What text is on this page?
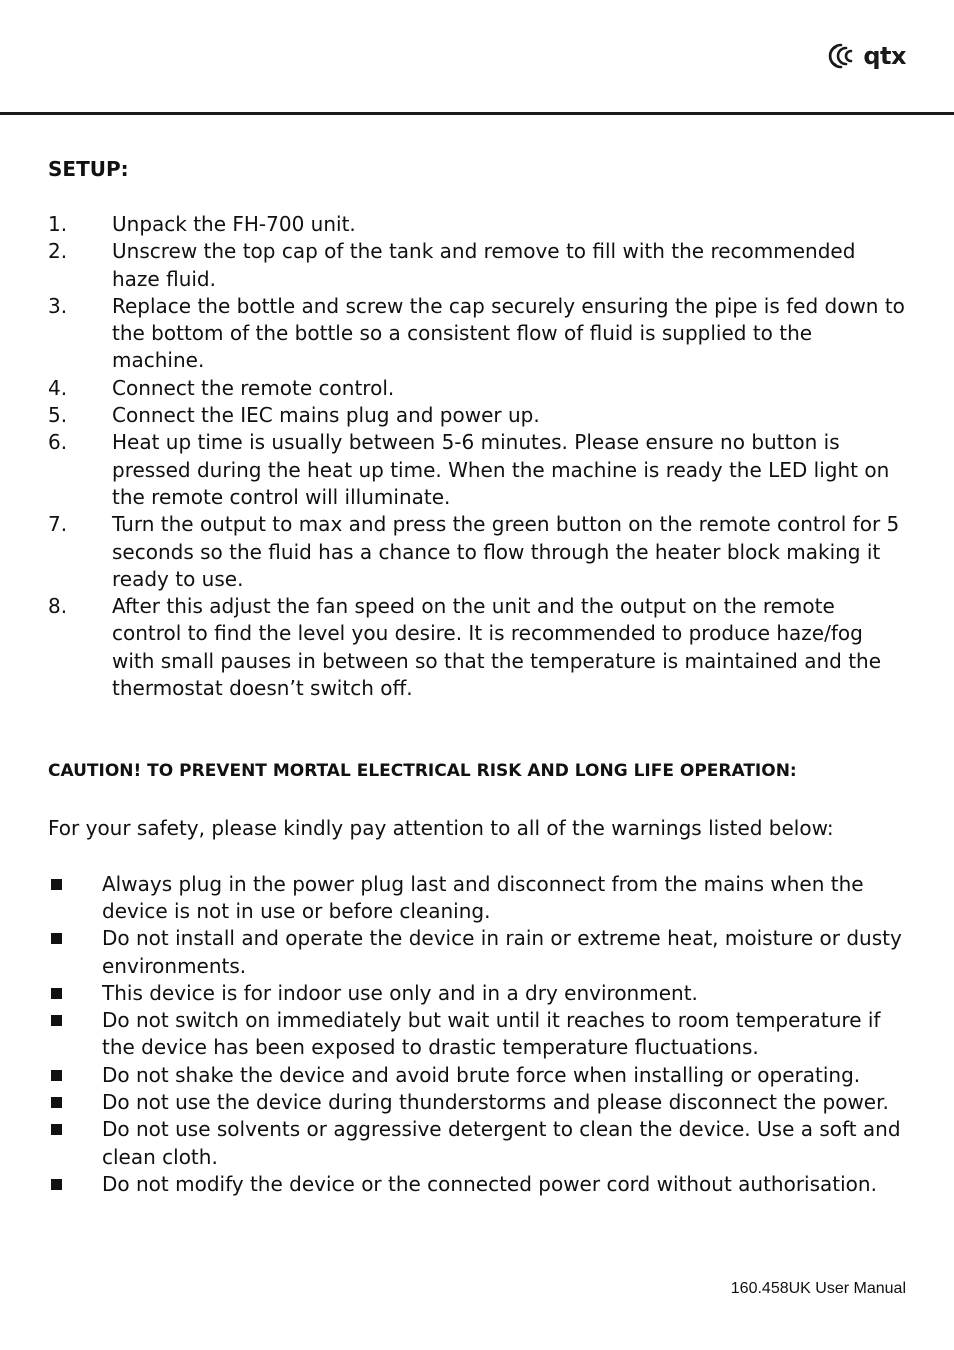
qtx
SETUP:
1. Unpack the FH-700 unit.
2. Unscrew the top cap of the tank and remove to fill with the recommended haze fluid.
3. Replace the bottle and screw the cap securely ensuring the pipe is fed down to the bottom of the bottle so a consistent flow of fluid is supplied to the machine.
4. Connect the remote control.
5. Connect the IEC mains plug and power up.
6. Heat up time is usually between 5-6 minutes. Please ensure no button is pressed during the heat up time. When the machine is ready the LED light on the remote control will illuminate.
7. Turn the output to max and press the green button on the remote control for 5 seconds so the fluid has a chance to flow through the heater block making it ready to use.
8. After this adjust the fan speed on the unit and the output on the remote control to find the level you desire. It is recommended to produce haze/fog with small pauses in between so that the temperature is maintained and the thermostat doesn’t switch off.
CAUTION! TO PREVENT MORTAL ELECTRICAL RISK AND LONG LIFE OPERATION:

For your safety, please kindly pay attention to all of the warnings listed below:

Always plug in the power plug last and disconnect from the mains when the device is not in use or before cleaning.
Do not install and operate the device in rain or extreme heat, moisture or dusty environments.
This device is for indoor use only and in a dry environment.
Do not switch on immediately but wait until it reaches to room temperature if the device has been exposed to drastic temperature fluctuations.
Do not shake the device and avoid brute force when installing or operating.
Do not use the device during thunderstorms and please disconnect the power.
Do not use solvents or aggressive detergent to clean the device. Use a soft and clean cloth.
Do not modify the device or the connected power cord without authorisation.
160.458UK User Manual
